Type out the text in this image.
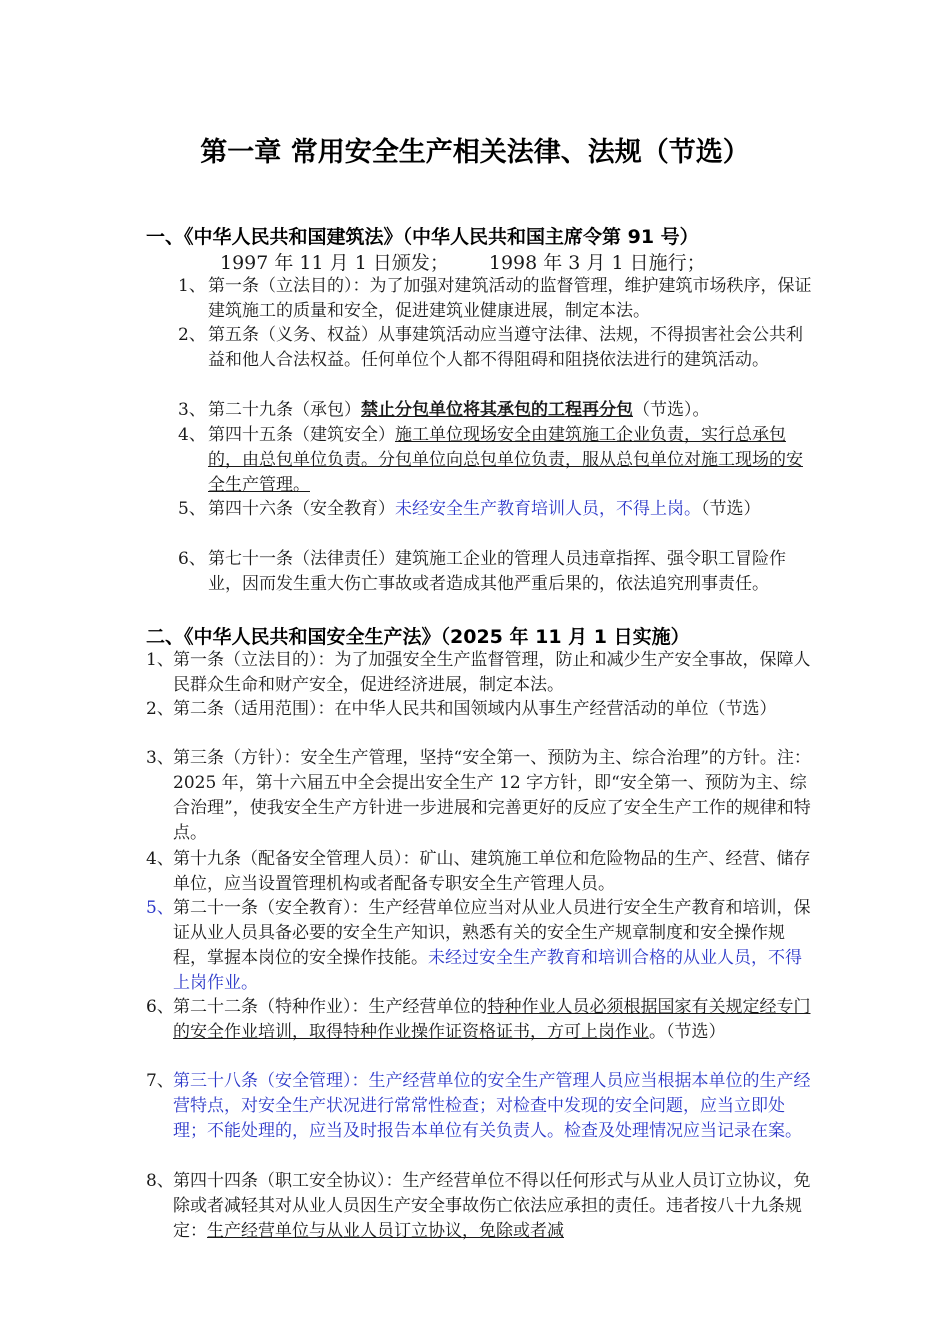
第一章 常用安全生产相关法律、法规（节选）
一、《中华人民共和国建筑法》（中华人民共和国主席令第 91 号）
1997 年 11 月 1 日颁发； 1998 年 3 月 1 日施行；
1、 第一条（立法目的）：为了加强对建筑活动的监督管理，维护建筑市场秩序，保证建筑施工的质量和安全，促进建筑业健康进展，制定本法。
2、 第五条（义务、权益）从事建筑活动应当遵守法律、法规，不得损害社会公共利益和他人合法权益。任何单位个人都不得阻碍和阻挠依法进行的建筑活动。
3、 第二十九条（承包）禁止分包单位将其承包的工程再分包（节选）。
4、 第四十五条（建筑安全）施工单位现场安全由建筑施工企业负责，实行总承包的，由总包单位负责。分包单位向总包单位负责，服从总包单位对施工现场的安全生产管理。
5、 第四十六条（安全教育）未经安全生产教育培训人员，不得上岗。（节选）
6、 第七十一条（法律责任）建筑施工企业的管理人员违章指挥、强令职工冒险作业，因而发生重大伤亡事故或者造成其他严重后果的，依法追究刑事责任。
二、《中华人民共和国安全生产法》（2025 年 11 月 1 日实施）
1、 第一条（立法目的）：为了加强安全生产监督管理，防止和减少生产安全事故，保障人民群众生命和财产安全，促进经济进展，制定本法。
2、 第二条（适用范围）：在中华人民共和国领域内从事生产经营活动的单位（节选）
3、 第三条（方针）：安全生产管理，坚持“安全第一、预防为主、综合治理”的方针。注：2025 年，第十六届五中全会提出安全生产 12 字方针，即“安全第一、预防为主、综合治理”，使我安全生产方针进一步进展和完善更好的反应了安全生产工作的规律和特点。
4、 第十九条（配备安全管理人员）：矿山、建筑施工单位和危险物品的生产、经营、储存单位，应当设置管理机构或者配备专职安全生产管理人员。
5、 第二十一条（安全教育）：生产经营单位应当对从业人员进行安全生产教育和培训，保证从业人员具备必要的安全生产知识，熟悉有关的安全生产规章制度和安全操作规程，掌握本岗位的安全操作技能。未经过安全生产教育和培训合格的从业人员，不得上岗作业。
6、 第二十二条（特种作业）：生产经营单位的特种作业人员必须根据国家有关规定经专门的安全作业培训，取得特种作业操作证资格证书，方可上岗作业。（节选）
7、 第三十八条（安全管理）：生产经营单位的安全生产管理人员应当根据本单位的生产经营特点，对安全生产状况进行常常性检查；对检查中发现的安全问题，应当立即处理；不能处理的，应当及时报告本单位有关负责人。检查及处理情况应当记录在案。
8、 第四十四条（职工安全协议）：生产经营单位不得以任何形式与从业人员订立协议，免除或者减轻其对从业人员因生产安全事故伤亡依法应承担的责任。违者按八十九条规定：生产经营单位与从业人员订立协议，免除或者减
